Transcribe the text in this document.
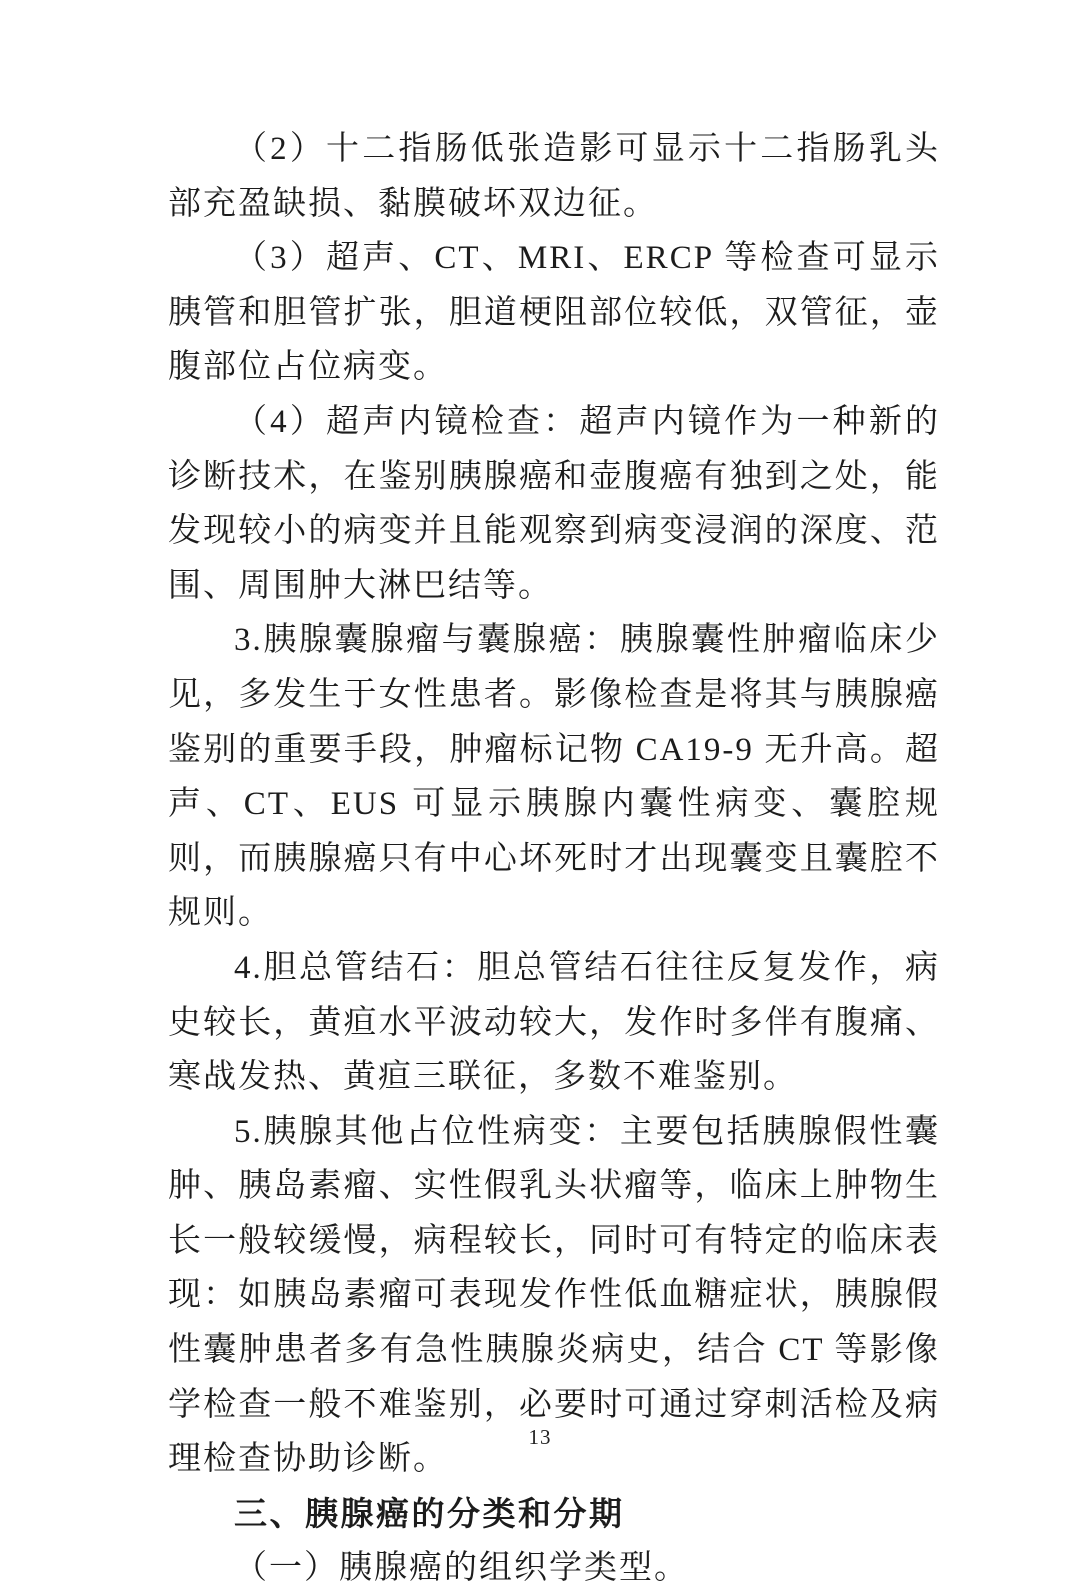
（2）十二指肠低张造影可显示十二指肠乳头部充盈缺损、黏膜破坏双边征。

（3）超声、CT、MRI、ERCP 等检查可显示胰管和胆管扩张，胆道梗阻部位较低，双管征，壶腹部位占位病变。

（4）超声内镜检查：超声内镜作为一种新的诊断技术，在鉴别胰腺癌和壶腹癌有独到之处，能发现较小的病变并且能观察到病变浸润的深度、范围、周围肿大淋巴结等。

3.胰腺囊腺瘤与囊腺癌：胰腺囊性肿瘤临床少见，多发生于女性患者。影像检查是将其与胰腺癌鉴别的重要手段，肿瘤标记物 CA19-9 无升高。超声、CT、EUS 可显示胰腺内囊性病变、囊腔规则，而胰腺癌只有中心坏死时才出现囊变且囊腔不规则。

4.胆总管结石：胆总管结石往往反复发作，病史较长，黄疸水平波动较大，发作时多伴有腹痛、寒战发热、黄疸三联征，多数不难鉴别。

5.胰腺其他占位性病变：主要包括胰腺假性囊肿、胰岛素瘤、实性假乳头状瘤等，临床上肿物生长一般较缓慢，病程较长，同时可有特定的临床表现：如胰岛素瘤可表现发作性低血糖症状，胰腺假性囊肿患者多有急性胰腺炎病史，结合 CT 等影像学检查一般不难鉴别，必要时可通过穿刺活检及病理检查协助诊断。

三、胰腺癌的分类和分期

（一）胰腺癌的组织学类型。

13
